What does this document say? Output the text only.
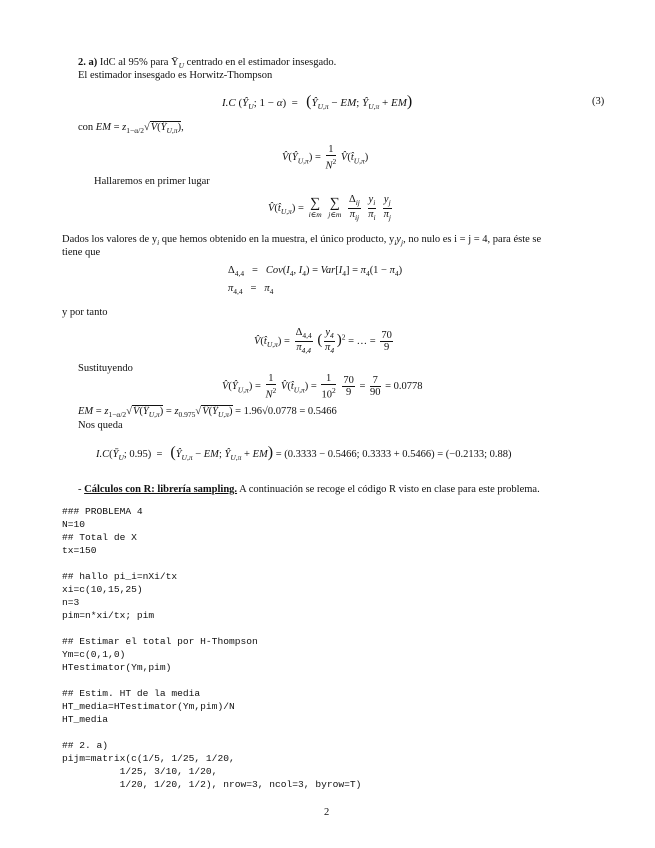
2. a) IdC al 95% para $Ȳ_U$ centrado en el estimador insesgado.
El estimador insesgado es Horwitz-Thompson
I.C ($Ŷ_U$; $1 - \alpha) = (Ŷ_{U,\pi}$ − EM; $Ŷ_{U,\pi} + EM$)	(3)
con EM = $z_{1-\alpha/2}√V̂(Ŷ_{U,\pi})$,
$V̂(Ŷ_{U,\pi}) = \frac{1}{N^2}$ $V̂(t̂_{U,\pi})$
Hallaremos en primer lugar
$V̂(t̂_{U,\pi})$ = ∑
i∈m

∑
j∈m
$\frac{\Delta_{ij}}{\pi_{ij}}$
$\frac{y_i}{\pi_i}$
$\frac{y_j}{\pi_j}$
Dados los valores de $y_i$ que hemos obtenido en la muestra, el único producto, $y_iy_j$, no nulo es i = j = 4, para éste se
tiene que
$\Delta_{4,4} = Cov(I_4$, $I_4) = Var[I_4] = \pi_4(1 - \pi_4)$
$\pi_{4,4} = \pi_4$
y por tanto
$V̂(t̂_{U,\pi}) = \frac{\Delta_{4,4}}{\pi_{4,4}}$ ( $\frac{y_4}{\pi_4} )^2$ = … = $\frac{70}{9}$
Sustituyendo
$V̂(Ŷ_{U,\pi}) = \frac{1}{N^2}$ $V̂(t̂_{U,\pi}) = \frac{1}{10^2}$
$\frac{70}{9} = \frac{7}{90} = 0.0778$
EM = $z_{1-\alpha/2}√V̂(Ŷ_{U,\pi})$ = $z_{0.975}√V̂(Ŷ_{U,\pi}) = 1.96√0.0778 = 0.5466$
Nos queda
$I.C(Ȳ_U$; $0.95) = (Ŷ_{U,\pi}$ − EM; $Ŷ_{U,\pi} + EM) = (0.3333 - 0.5466$; 0.3333 + 0.5466) = (−0.2133; 0.88)
- Cálculos con R: librería sampling. A continuación se recoge el código R visto en clase para este problema.
### PROBLEMA 4
N=10
## Total de X
tx=150
## hallo pi_i=nXi/tx
xi=c(10,15,25)
n=3
pim=n*xi/tx; pim
## Estimar el total por H-Thompson
Ym=c(0,1,0)
HTestimator(Ym,pim)
## Estim. HT de la media
HT_media=HTestimator(Ym,pim)/N
HT_media
## 2. a)
pijm=matrix(c(1/5, 1/25, 1/20,
1/25, 3/10, 1/20,
1/20, 1/20, 1/2), nrow=3, ncol=3, byrow=T)
2
